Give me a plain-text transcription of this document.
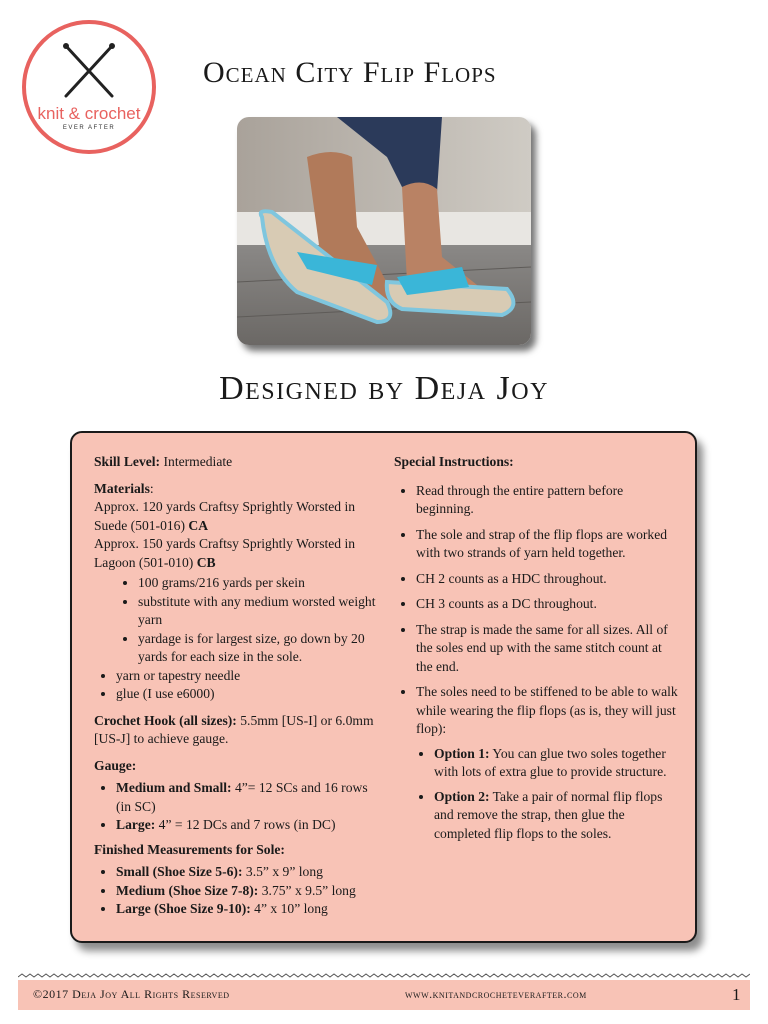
knit & crochet
EVER AFTER
Ocean City Flip Flops
Designed by Deja Joy

Skill Level: Intermediate

Materials:
Approx. 120 yards Craftsy Sprightly Worsted in Suede (501-016) CA
Approx. 150 yards Craftsy Sprightly Worsted in Lagoon (501-010) CB
• 100 grams/216 yards per skein
• substitute with any medium worsted weight yarn
• yardage is for largest size, go down by 20 yards for each size in the sole.
• yarn or tapestry needle
• glue (I use e6000)

Crochet Hook (all sizes): 5.5mm [US-I] or 6.0mm [US-J] to achieve gauge.

Gauge:
• Medium and Small: 4”= 12 SCs and 16 rows (in SC)
• Large: 4” = 12 DCs and 7 rows (in DC)
Finished Measurements for Sole:
• Small (Shoe Size 5-6): 3.5” x 9” long
• Medium (Shoe Size 7-8): 3.75” x 9.5” long
• Large (Shoe Size 9-10): 4” x 10” long

Special Instructions:

• Read through the entire pattern before beginning.
• The sole and strap of the flip flops are worked with two strands of yarn held together.
• CH 2 counts as a HDC throughout.
• CH 3 counts as a DC throughout.
• The strap is made the same for all sizes. All of the soles end up with the same stitch count at the end.
• The soles need to be stiffened to be able to walk while wearing the flip flops (as is, they will just flop):
• Option 1: You can glue two soles together with lots of extra glue to provide structure.
• Option 2: Take a pair of normal flip flops and remove the strap, then glue the completed flip flops to the soles.
©2017 Deja Joy All Rights Reserved	www.knitandcrocheteverafter.com	1
